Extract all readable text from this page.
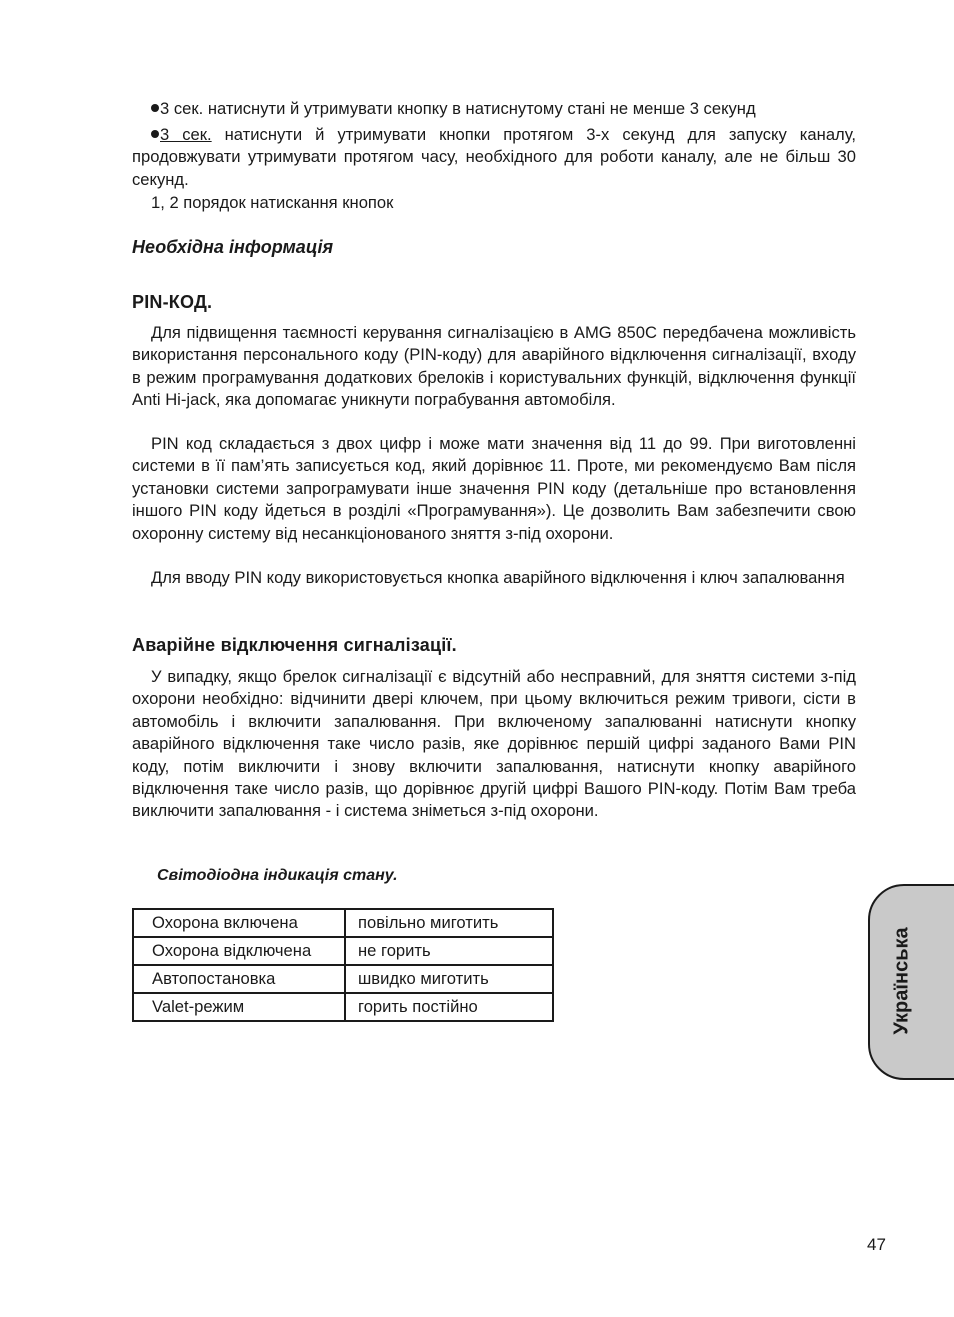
3 сек. натиснути й утримувати кнопку в натиснутому стані не менше 3 секунд

3 сек. натиснути й утримувати кнопки протягом 3-х секунд для запуску каналу, продовжувати утримувати протягом часу, необхідного для роботи каналу, але не більш 30 секунд.

1, 2 порядок натискання кнопок

Необхідна інформація
PIN-КОД.

Для підвищення таємності керування сигналізацією в AMG 850C передбачена можливість використання персонального коду (PIN-коду) для аварійного відключення сигналізації, входу в режим програмування додаткових брелоків і користувальних функцій, відключення функції Anti Hi-jack, яка допомагає уникнути пограбування автомобіля.

PIN код складається з двох цифр і може мати значення від 11 до 99. При виготовленні системи в її пам’ять записується код, який дорівнює 11. Проте, ми рекомендуємо Вам після установки системи запрограмувати інше значення PIN коду (детальніше про встановлення іншого PIN коду йдеться в розділі «Програмування»). Це дозволить Вам забезпечити свою охоронну систему від несанкціонованого зняття з-під охорони.

Для вводу PIN коду використовується кнопка аварійного відключення і ключ запалювання

Аварійне відключення сигналізації.

У випадку, якщо брелок сигналізації є відсутній або несправний, для зняття системи з-під охорони необхідно: відчинити двері ключем, при цьому включиться режим тривоги, сісти в автомобіль і включити запалювання. При включеному запалюванні натиснути кнопку аварійного відключення таке число разів, яке дорівнює першій цифрі заданого Вами PIN коду, потім виключити і знову включити запалювання, натиснути кнопку аварійного відключення таке число разів, що дорівнює другій цифрі Вашого PIN-коду. Потім Вам треба виключити запалювання - і система зніметься з-під охорони.

Світодіодна індикація стану.
Охорона включена	повільно миготить
Охорона відключена	не горить
Автопостановка	швидко миготить
Valet-режим	горить постійно	Українська
47
